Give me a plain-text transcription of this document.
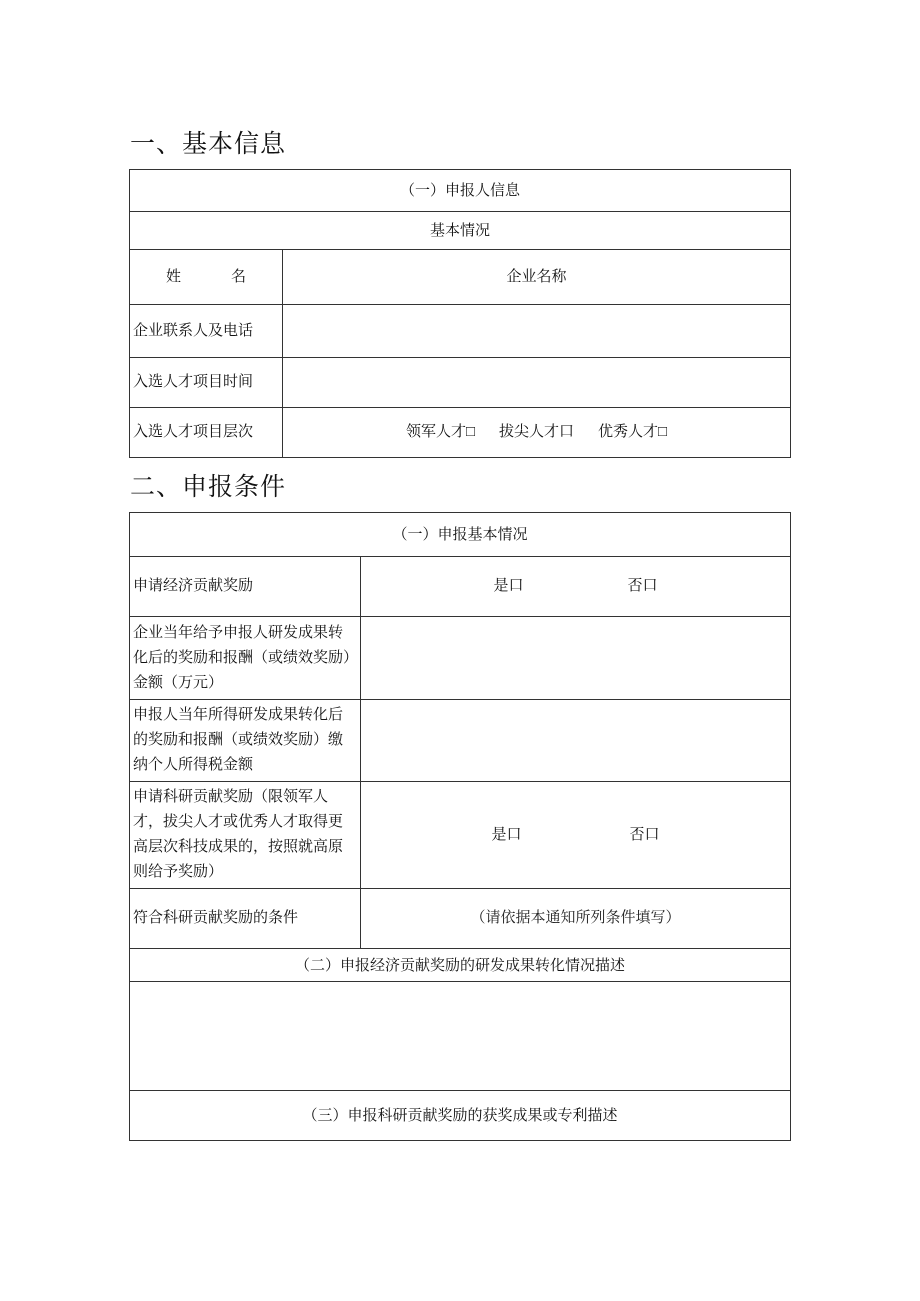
一、基本信息
（一）申报人信息	
基本情况	
姓 名	企业名称
企业联系人及电话	
入选人才项目时间	
入选人才项目层次	领军人才□ 拔尖人才口 优秀人才□
二、申报条件
（一）申报基本情况	
申请经济贡献奖励	是口 否口
企业当年给予申报人研发成果转化后的奖励和报酬（或绩效奖励）金额（万元）	
申报人当年所得研发成果转化后的奖励和报酬（或绩效奖励）缴纳个人所得税金额	
申请科研贡献奖励（限领军人才，拔尖人才或优秀人才取得更高层次科技成果的，按照就高原则给予奖励）	是口 否口
符合科研贡献奖励的条件	（请依据本通知所列条件填写）
（二）申报经济贡献奖励的研发成果转化情况描述	

（三）申报科研贡献奖励的获奖成果或专利描述	
